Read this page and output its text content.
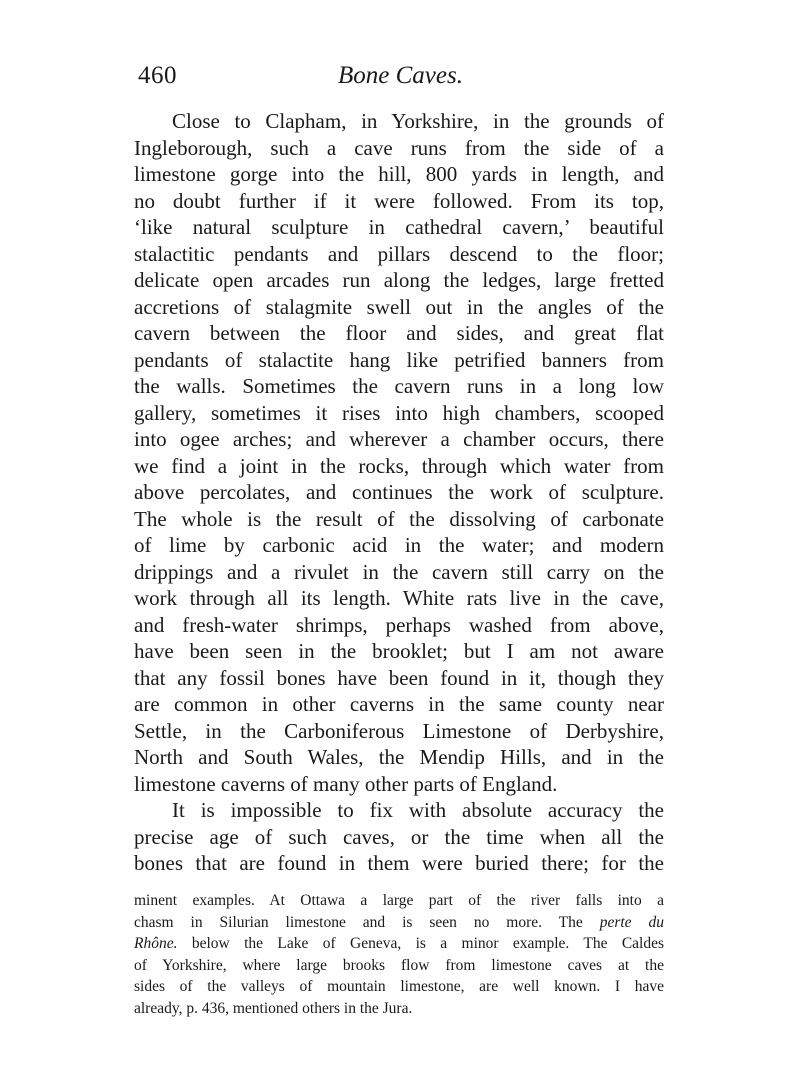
460	Bone Caves.
Close to Clapham, in Yorkshire, in the grounds of
Ingleborough, such a cave runs from the side of a
limestone gorge into the hill, 800 yards in length, and
no doubt further if it were followed. From its top,
‘like natural sculpture in cathedral cavern,’ beautiful
stalactitic pendants and pillars descend to the floor;
delicate open arcades run along the ledges, large fretted
accretions of stalagmite swell out in the angles of the
cavern between the floor and sides, and great flat
pendants of stalactite hang like petrified banners from
the walls. Sometimes the cavern runs in a long low
gallery, sometimes it rises into high chambers, scooped
into ogee arches; and wherever a chamber occurs, there
we find a joint in the rocks, through which water from
above percolates, and continues the work of sculpture.
The whole is the result of the dissolving of carbonate
of lime by carbonic acid in the water; and modern
drippings and a rivulet in the cavern still carry on the
work through all its length. White rats live in the cave,
and fresh-water shrimps, perhaps washed from above,
have been seen in the brooklet; but I am not aware
that any fossil bones have been found in it, though they
are common in other caverns in the same county near
Settle, in the Carboniferous Limestone of Derbyshire,
North and South Wales, the Mendip Hills, and in the
limestone caverns of many other parts of England.
It is impossible to fix with absolute accuracy the
precise age of such caves, or the time when all the
bones that are found in them were buried there; for the
minent examples. At Ottawa a large part of the river falls into a
chasm in Silurian limestone and is seen no more. The perte du
Rhône. below the Lake of Geneva, is a minor example. The Caldes
of Yorkshire, where large brooks flow from limestone caves at the
sides of the valleys of mountain limestone, are well known. I have
already, p. 436, mentioned others in the Jura.
